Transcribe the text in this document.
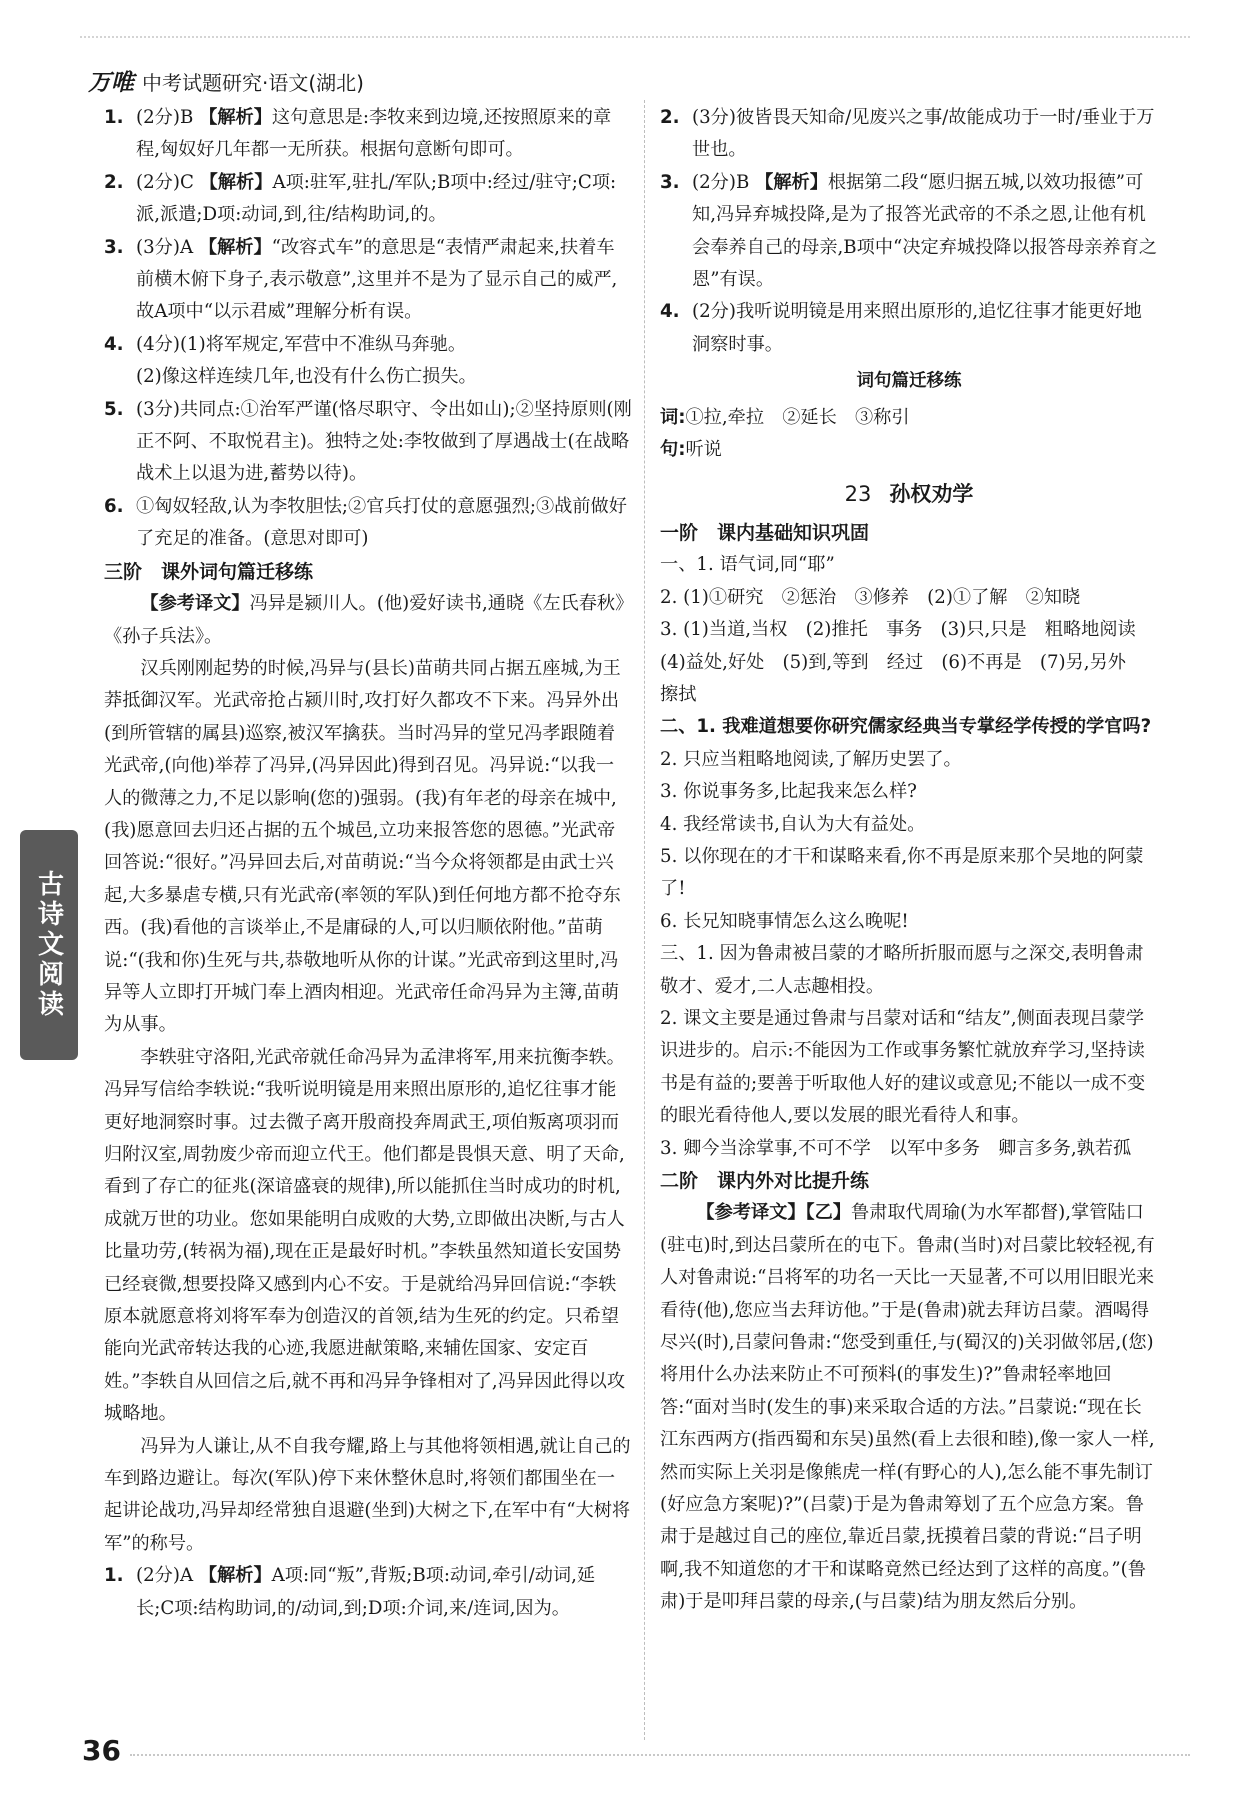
万唯 中考试题研究·语文(湖北)
1. (2分)B 【解析】这句意思是:李牧来到边境,还按照原来的章程,匈奴好几年都一无所获。根据句意断句即可。
2. (2分)C 【解析】A项:驻军,驻扎/军队;B项中:经过/驻守;C项:派,派遣;D项:动词,到,往/结构助词,的。
3. (3分)A 【解析】“改容式车”的意思是“表情严肃起来,扶着车前横木俯下身子,表示敬意”,这里并不是为了显示自己的威严,故A项中“以示君威”理解分析有误。
4. (4分)(1)将军规定,军营中不准纵马奔驰。
(2)像这样连续几年,也没有什么伤亡损失。
5. (3分)共同点:①治军严谨(恪尽职守、令出如山);②坚持原则(刚正不阿、不取悦君主)。独特之处:李牧做到了厚遇战士(在战略战术上以退为进,蓄势以待)。
6. ①匈奴轻敌,认为李牧胆怯;②官兵打仗的意愿强烈;③战前做好了充足的准备。(意思对即可)

三阶　课外词句篇迁移练

【参考译文】冯异是颍川人。(他)爱好读书,通晓《左氏春秋》《孙子兵法》。

汉兵刚刚起势的时候,冯异与(县长)苗萌共同占据五座城,为王莽抵御汉军。光武帝抢占颍川时,攻打好久都攻不下来。冯异外出(到所管辖的属县)巡察,被汉军擒获。当时冯异的堂兄冯孝跟随着光武帝,(向他)举荐了冯异,(冯异因此)得到召见。冯异说:“以我一人的微薄之力,不足以影响(您的)强弱。(我)有年老的母亲在城中,(我)愿意回去归还占据的五个城邑,立功来报答您的恩德。”光武帝回答说:“很好。”冯异回去后,对苗萌说:“当今众将领都是由武士兴起,大多暴虐专横,只有光武帝(率领的军队)到任何地方都不抢夺东西。(我)看他的言谈举止,不是庸碌的人,可以归顺依附他。”苗萌说:“(我和你)生死与共,恭敬地听从你的计谋。”光武帝到这里时,冯异等人立即打开城门奉上酒肉相迎。光武帝任命冯异为主簿,苗萌为从事。

李轶驻守洛阳,光武帝就任命冯异为孟津将军,用来抗衡李轶。冯异写信给李轶说:“我听说明镜是用来照出原形的,追忆往事才能更好地洞察时事。过去微子离开殷商投奔周武王,项伯叛离项羽而归附汉室,周勃废少帝而迎立代王。他们都是畏惧天意、明了天命,看到了存亡的征兆(深谙盛衰的规律),所以能抓住当时成功的时机,成就万世的功业。您如果能明白成败的大势,立即做出决断,与古人比量功劳,(转祸为福),现在正是最好时机。”李轶虽然知道长安国势已经衰微,想要投降又感到内心不安。于是就给冯异回信说:“李轶原本就愿意将刘将军奉为创造汉的首领,结为生死的约定。只希望能向光武帝转达我的心迹,我愿进献策略,来辅佐国家、安定百姓。”李轶自从回信之后,就不再和冯异争锋相对了,冯异因此得以攻城略地。

冯异为人谦让,从不自我夸耀,路上与其他将领相遇,就让自己的车到路边避让。每次(军队)停下来休整休息时,将领们都围坐在一起讲论战功,冯异却经常独自退避(坐到)大树之下,在军中有“大树将军”的称号。

1. (2分)A 【解析】A项:同“叛”,背叛;B项:动词,牵引/动词,延长;C项:结构助词,的/动词,到;D项:介词,来/连词,因为。
2. (3分)彼皆畏天知命/见废兴之事/故能成功于一时/垂业于万世也。
3. (2分)B 【解析】根据第二段“愿归据五城,以效功报德”可知,冯异弃城投降,是为了报答光武帝的不杀之恩,让他有机会奉养自己的母亲,B项中“决定弃城投降以报答母亲养育之恩”有误。
4. (2分)我听说明镜是用来照出原形的,追忆往事才能更好地洞察时事。

词句篇迁移练

词:①拉,牵拉　②延长　③称引

句:听说

23 孙权劝学

一阶　课内基础知识巩固

一、1. 语气词,同“耶”
2. (1)①研究　②惩治　③修养　(2)①了解　②知晓
3. (1)当道,当权　(2)推托　事务　(3)只,只是　粗略地阅读　(4)益处,好处　(5)到,等到　经过　(6)不再是　(7)另,另外　擦拭
二、1. 我难道想要你研究儒家经典当专掌经学传授的学官吗?
2. 只应当粗略地阅读,了解历史罢了。
3. 你说事务多,比起我来怎么样?
4. 我经常读书,自认为大有益处。
5. 以你现在的才干和谋略来看,你不再是原来那个吴地的阿蒙了!
6. 长兄知晓事情怎么这么晚呢!
三、1. 因为鲁肃被吕蒙的才略所折服而愿与之深交,表明鲁肃敬才、爱才,二人志趣相投。
2. 课文主要是通过鲁肃与吕蒙对话和“结友”,侧面表现吕蒙学识进步的。启示:不能因为工作或事务繁忙就放弃学习,坚持读书是有益的;要善于听取他人好的建议或意见;不能以一成不变的眼光看待他人,要以发展的眼光看待人和事。
3. 卿今当涂掌事,不可不学　以军中多务　卿言多务,孰若孤

二阶　课内外对比提升练

【参考译文】【乙】鲁肃取代周瑜(为水军都督),掌管陆口(驻屯)时,到达吕蒙所在的屯下。鲁肃(当时)对吕蒙比较轻视,有人对鲁肃说:“吕将军的功名一天比一天显著,不可以用旧眼光来看待(他),您应当去拜访他。”于是(鲁肃)就去拜访吕蒙。酒喝得尽兴(时),吕蒙问鲁肃:“您受到重任,与(蜀汉的)关羽做邻居,(您)将用什么办法来防止不可预料(的事发生)?”鲁肃轻率地回答:“面对当时(发生的事)来采取合适的方法。”吕蒙说:“现在长江东西两方(指西蜀和东吴)虽然(看上去很和睦),像一家人一样,然而实际上关羽是像熊虎一样(有野心的人),怎么能不事先制订(好应急方案呢)?”(吕蒙)于是为鲁肃筹划了五个应急方案。鲁肃于是越过自己的座位,靠近吕蒙,抚摸着吕蒙的背说:“吕子明啊,我不知道您的才干和谋略竟然已经达到了这样的高度。”(鲁肃)于是叩拜吕蒙的母亲,(与吕蒙)结为朋友然后分别。

古诗文阅读
36
